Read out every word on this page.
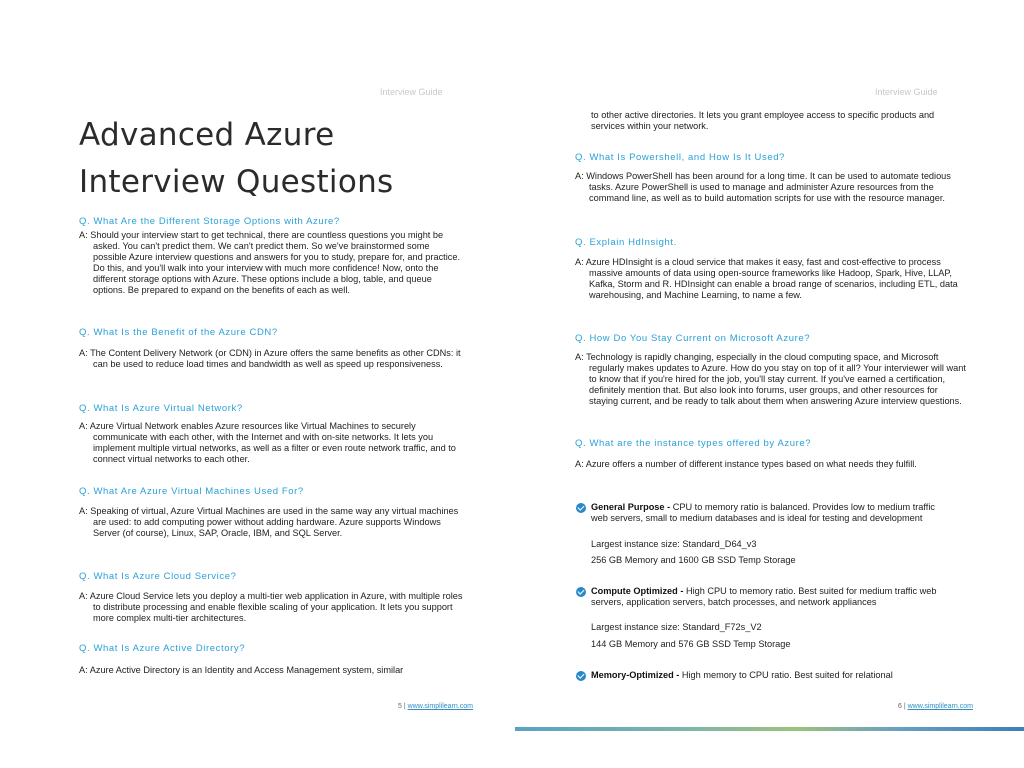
Interview Guide
Advanced Azure
Interview Questions

Q. What Are the Different Storage Options with Azure?

A: Should your interview start to get technical, there are countless questions you might be asked. You can't predict them. We can't predict them. So we've brainstormed some possible Azure interview questions and answers for you to study, prepare for, and practice. Do this, and you'll walk into your interview with much more confidence! Now, onto the different storage options with Azure. These options include a blog, table, and queue options. Be prepared to expand on the benefits of each as well.

Q. What Is the Benefit of the Azure CDN?

A: The Content Delivery Network (or CDN) in Azure offers the same benefits as other CDNs: it can be used to reduce load times and bandwidth as well as speed up responsiveness.

Q. What Is Azure Virtual Network?

A: Azure Virtual Network enables Azure resources like Virtual Machines to securely communicate with each other, with the Internet and with on-site networks. It lets you implement multiple virtual networks, as well as a filter or even route network traffic, and to connect virtual networks to each other.

Q. What Are Azure Virtual Machines Used For?

A: Speaking of virtual, Azure Virtual Machines are used in the same way any virtual machines are used: to add computing power without adding hardware. Azure supports Windows Server (of course), Linux, SAP, Oracle, IBM, and SQL Server.

Q. What Is Azure Cloud Service?

A: Azure Cloud Service lets you deploy a multi-tier web application in Azure, with multiple roles to distribute processing and enable flexible scaling of your application. It lets you support more complex multi-tier architectures.

Q. What Is Azure Active Directory?

A: Azure Active Directory is an Identity and Access Management system, similar

5 | www.simplilearn.com
Interview Guide

to other active directories. It lets you grant employee access to specific products and services within your network.

Q. What Is Powershell, and How Is It Used?

A: Windows PowerShell has been around for a long time. It can be used to automate tedious tasks. Azure PowerShell is used to manage and administer Azure resources from the command line, as well as to build automation scripts for use with the resource manager.

Q. Explain HdInsight.

A: Azure HDInsight is a cloud service that makes it easy, fast and cost-effective to process massive amounts of data using open-source frameworks like Hadoop, Spark, Hive, LLAP, Kafka, Storm and R. HDInsight can enable a broad range of scenarios, including ETL, data warehousing, and Machine Learning, to name a few.

Q. How Do You Stay Current on Microsoft Azure?

A: Technology is rapidly changing, especially in the cloud computing space, and Microsoft regularly makes updates to Azure. How do you stay on top of it all? Your interviewer will want to know that if you're hired for the job, you'll stay current. If you've earned a certification, definitely mention that. But also look into forums, user groups, and other resources for staying current, and be ready to talk about them when answering Azure interview questions.

Q. What are the instance types offered by Azure?

A: Azure offers a number of different instance types based on what needs they fulfill.

General Purpose - CPU to memory ratio is balanced. Provides low to medium traffic web servers, small to medium databases and is ideal for testing and development

Largest instance size: Standard_D64_v3

256 GB Memory and 1600 GB SSD Temp Storage

Compute Optimized - High CPU to memory ratio. Best suited for medium traffic web servers, application servers, batch processes, and network appliances

Largest instance size: Standard_F72s_V2

144 GB Memory and 576 GB SSD Temp Storage

Memory-Optimized - High memory to CPU ratio. Best suited for relational

6 | www.simplilearn.com
